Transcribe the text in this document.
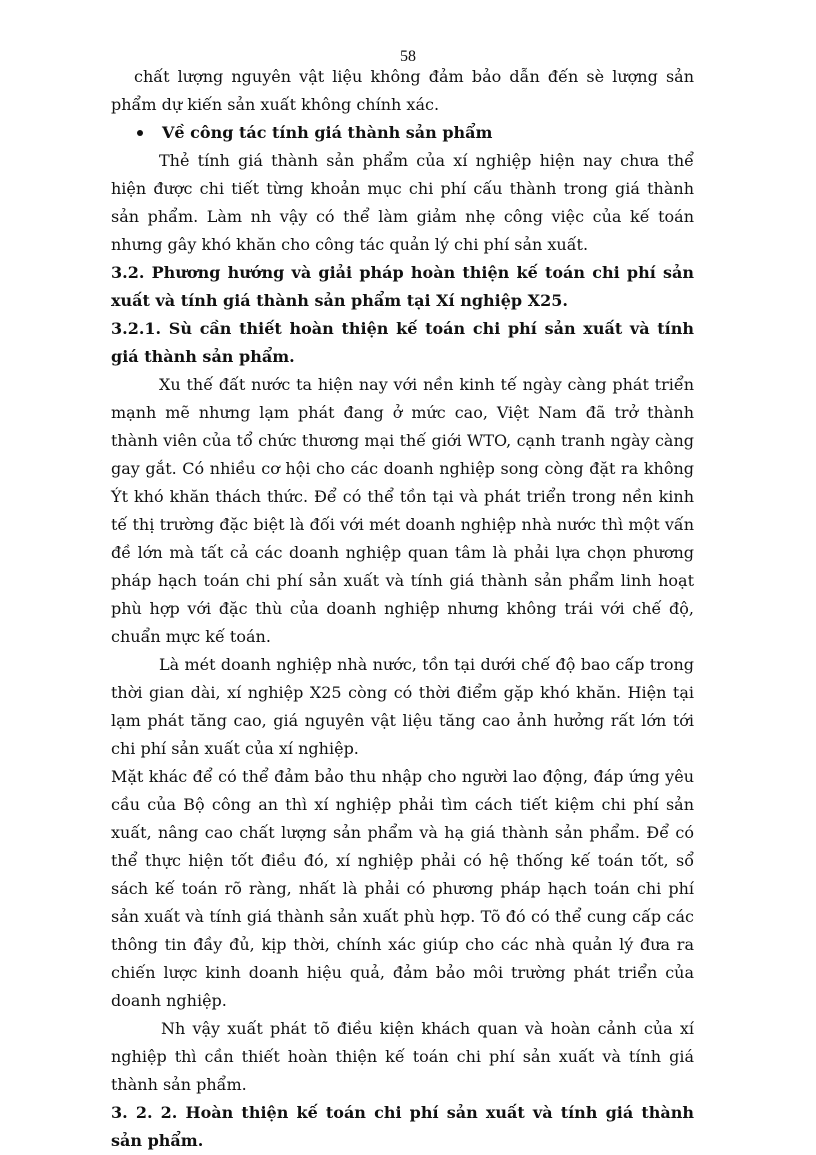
58

chất lượng nguyên vật liệu không đảm bảo dẫn đến sè lượng sản phẩm dự kiến sản xuất không chính xác.

Về công tác tính giá thành sản phẩm

Thẻ tính giá thành sản phẩm của xí nghiệp hiện nay chưa thể hiện được chi tiết từng khoản mục chi phí cấu thành trong giá thành sản phẩm. Làm nh vậy có thể làm giảm nhẹ công việc của kế toán nhưng gây khó khăn cho công tác quản lý chi phí sản xuất.

3.2. Phương hướng và giải pháp hoàn thiện kế toán chi phí sản xuất và tính giá thành sản phẩm tại Xí nghiệp X25.

3.2.1. Sù cần thiết hoàn thiện kế toán chi phí sản xuất và tính giá thành sản phẩm.

Xu thế đất nước ta hiện nay với nền kinh tế ngày càng phát triển mạnh mẽ nhưng lạm phát đang ở mức cao, Việt Nam đã trở thành thành viên của tổ chức thương mại thế giới WTO, cạnh tranh ngày càng gay gắt. Có nhiều cơ hội cho các doanh nghiệp song còng đặt ra không Ýt khó khăn thách thức. Để có thể tồn tại và phát triển trong nền kinh tế thị trường đặc biệt là đối với mét doanh nghiệp nhà nước thì một vấn đề lớn mà tất cả các doanh nghiệp quan tâm là phải lựa chọn phương pháp hạch toán chi phí sản xuất và tính giá thành sản phẩm linh hoạt phù hợp với đặc thù của doanh nghiệp nhưng không trái với chế độ, chuẩn mực kế toán.

Là mét doanh nghiệp nhà nước, tồn tại dưới chế độ bao cấp trong thời gian dài, xí nghiệp X25 còng có thời điểm gặp khó khăn. Hiện tại lạm phát tăng cao, giá nguyên vật liệu tăng cao ảnh hưởng rất lớn tới chi phí sản xuất của xí nghiệp.

Mặt khác để có thể đảm bảo thu nhập cho người lao động, đáp ứng yêu cầu của Bộ công an thì xí nghiệp phải tìm cách tiết kiệm chi phí sản xuất, nâng cao chất lượng sản phẩm và hạ giá thành sản phẩm. Để có thể thực hiện tốt điều đó, xí nghiệp phải có hệ thống kế toán tốt, sổ sách kế toán rõ ràng, nhất là phải có phương pháp hạch toán chi phí sản xuất và tính giá thành sản xuất phù hợp. Tõ đó có thể cung cấp các thông tin đầy đủ, kịp thời, chính xác giúp cho các nhà quản lý đưa ra chiến lược kinh doanh hiệu quả, đảm bảo môi trường phát triển của doanh nghiệp.

Nh vậy xuất phát tõ điều kiện khách quan và hoàn cảnh của xí nghiệp thì cần thiết hoàn thiện kế toán chi phí sản xuất và tính giá thành sản phẩm.

3. 2. 2. Hoàn thiện kế toán chi phí sản xuất và tính giá thành sản phẩm.
